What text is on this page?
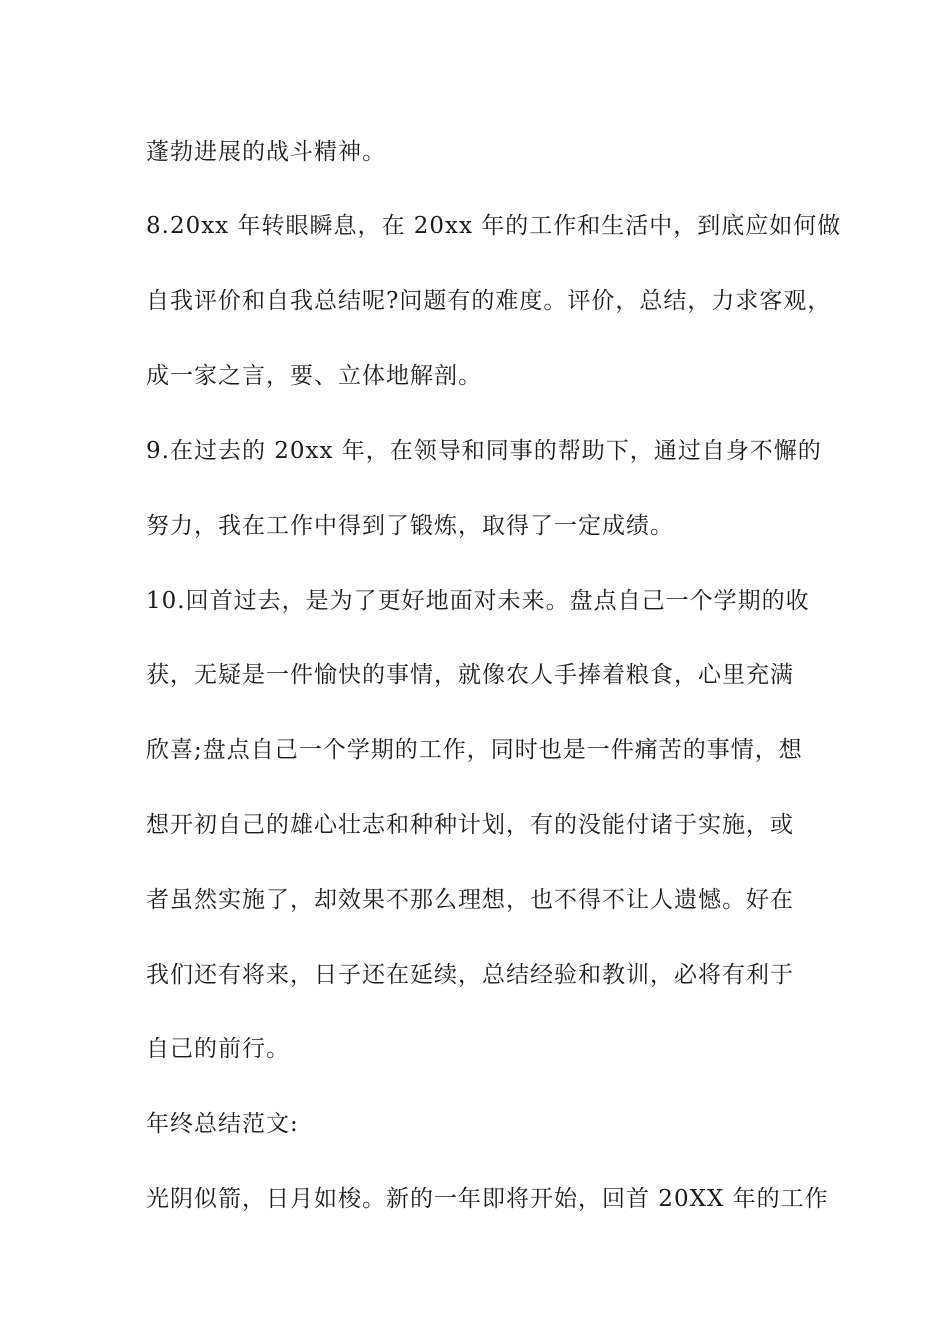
蓬勃进展的战斗精神。
8.20xx 年转眼瞬息，在 20xx 年的工作和生活中，到底应如何做
自我评价和自我总结呢?问题有的难度。评价，总结，力求客观，
成一家之言，要、立体地解剖。
9.在过去的 20xx 年，在领导和同事的帮助下，通过自身不懈的
努力，我在工作中得到了锻炼，取得了一定成绩。
10.回首过去，是为了更好地面对未来。盘点自己一个学期的收
获，无疑是一件愉快的事情，就像农人手捧着粮食，心里充满
欣喜;盘点自己一个学期的工作，同时也是一件痛苦的事情，想
想开初自己的雄心壮志和种种计划，有的没能付诸于实施，或
者虽然实施了，却效果不那么理想，也不得不让人遗憾。好在
我们还有将来，日子还在延续，总结经验和教训，必将有利于
自己的前行。
年终总结范文:
光阴似箭，日月如梭。新的一年即将开始，回首 20XX 年的工作
